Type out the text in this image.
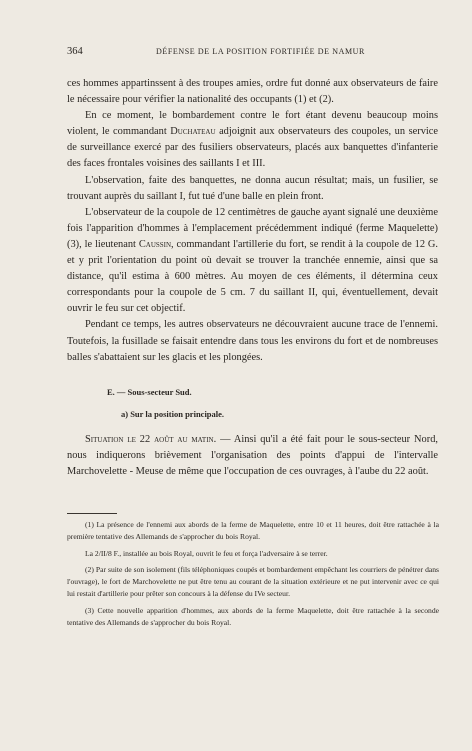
364	DÉFENSE DE LA POSITION FORTIFIÉE DE NAMUR

ces hommes appartinssent à des troupes amies, ordre fut donné aux observateurs de faire le nécessaire pour vérifier la nationalité des occupants (1) et (2).

En ce moment, le bombardement contre le fort étant devenu beaucoup moins violent, le commandant Duchateau adjoignit aux observateurs des coupoles, un service de surveillance exercé par des fusiliers observateurs, placés aux banquettes d'infanterie des faces frontales voisines des saillants I et III.

L'observation, faite des banquettes, ne donna aucun résultat; mais, un fusilier, se trouvant auprès du saillant I, fut tué d'une balle en plein front.

L'observateur de la coupole de 12 centimètres de gauche ayant signalé une deuxième fois l'apparition d'hommes à l'emplacement précédemment indiqué (ferme Maquelette) (3), le lieutenant Caussin, commandant l'artillerie du fort, se rendit à la coupole de 12 G. et y prit l'orientation du point où devait se trouver la tranchée ennemie, ainsi que sa distance, qu'il estima à 600 mètres. Au moyen de ces éléments, il détermina ceux correspondants pour la coupole de 5 cm. 7 du saillant II, qui, éventuellement, devait ouvrir le feu sur cet objectif.

Pendant ce temps, les autres observateurs ne découvraient aucune trace de l'ennemi. Toutefois, la fusillade se faisait entendre dans tous les environs du fort et de nombreuses balles s'abattaient sur les glacis et les plongées.

E. — Sous-secteur Sud.

a) Sur la position principale.

Situation le 22 août au matin. — Ainsi qu'il a été fait pour le sous-secteur Nord, nous indiquerons brièvement l'organisation des points d'appui de l'intervalle Marchovelette - Meuse de même que l'occupation de ces ouvrages, à l'aube du 22 août.

(1) La présence de l'ennemi aux abords de la ferme de Maquelette, entre 10 et 11 heures, doit être rattachée à la première tentative des Allemands de s'approcher du bois Royal.

La 2/II/8 F., installée au bois Royal, ouvrit le feu et força l'adversaire à se terrer.

(2) Par suite de son isolement (fils téléphoniques coupés et bombardement empêchant les courriers de pénétrer dans l'ouvrage), le fort de Marchovelette ne put être tenu au courant de la situation extérieure et ne put intervenir avec ce qui lui restait d'artillerie pour prêter son concours à la défense du IVe secteur.

(3) Cette nouvelle apparition d'hommes, aux abords de la ferme Maquelette, doit être rattachée à la seconde tentative des Allemands de s'approcher du bois Royal.
